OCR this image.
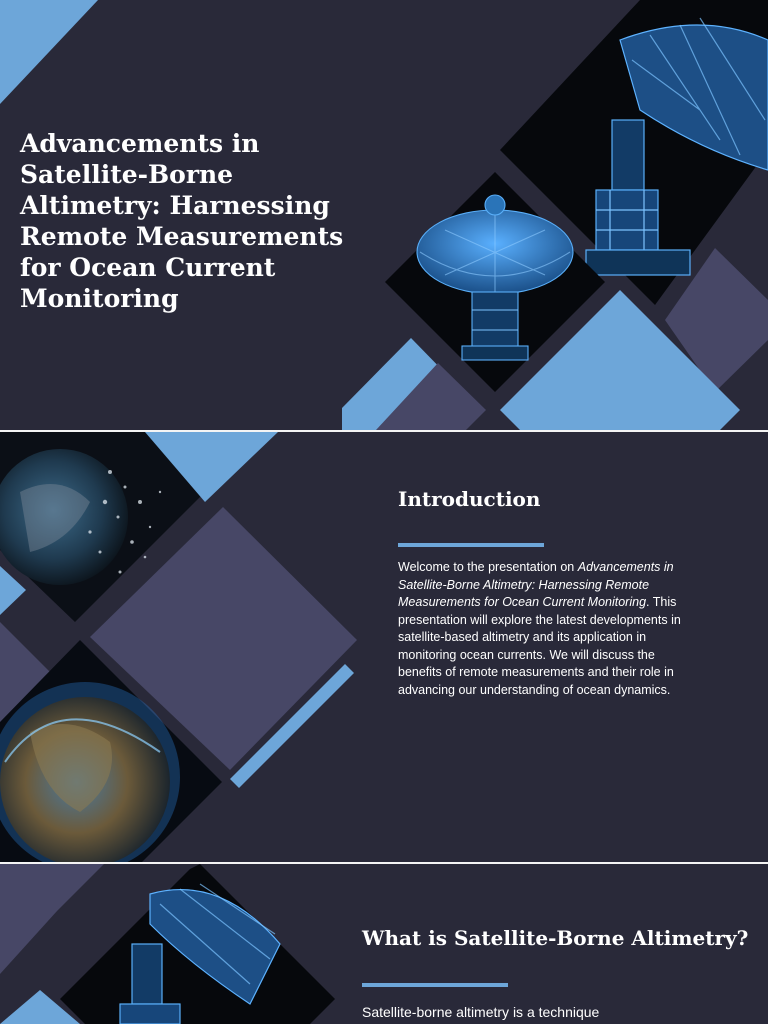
Advancements in Satellite-Borne Altimetry: Harnessing Remote Measurements for Ocean Current Monitoring
Introduction

Welcome to the presentation on Advancements in Satellite-Borne Altimetry: Harnessing Remote Measurements for Ocean Current Monitoring. This presentation will explore the latest developments in satellite-based altimetry and its application in monitoring ocean currents. We will discuss the benefits of remote measurements and their role in advancing our understanding of ocean dynamics.

What is Satellite-Borne Altimetry?

Satellite-borne altimetry is a technique
